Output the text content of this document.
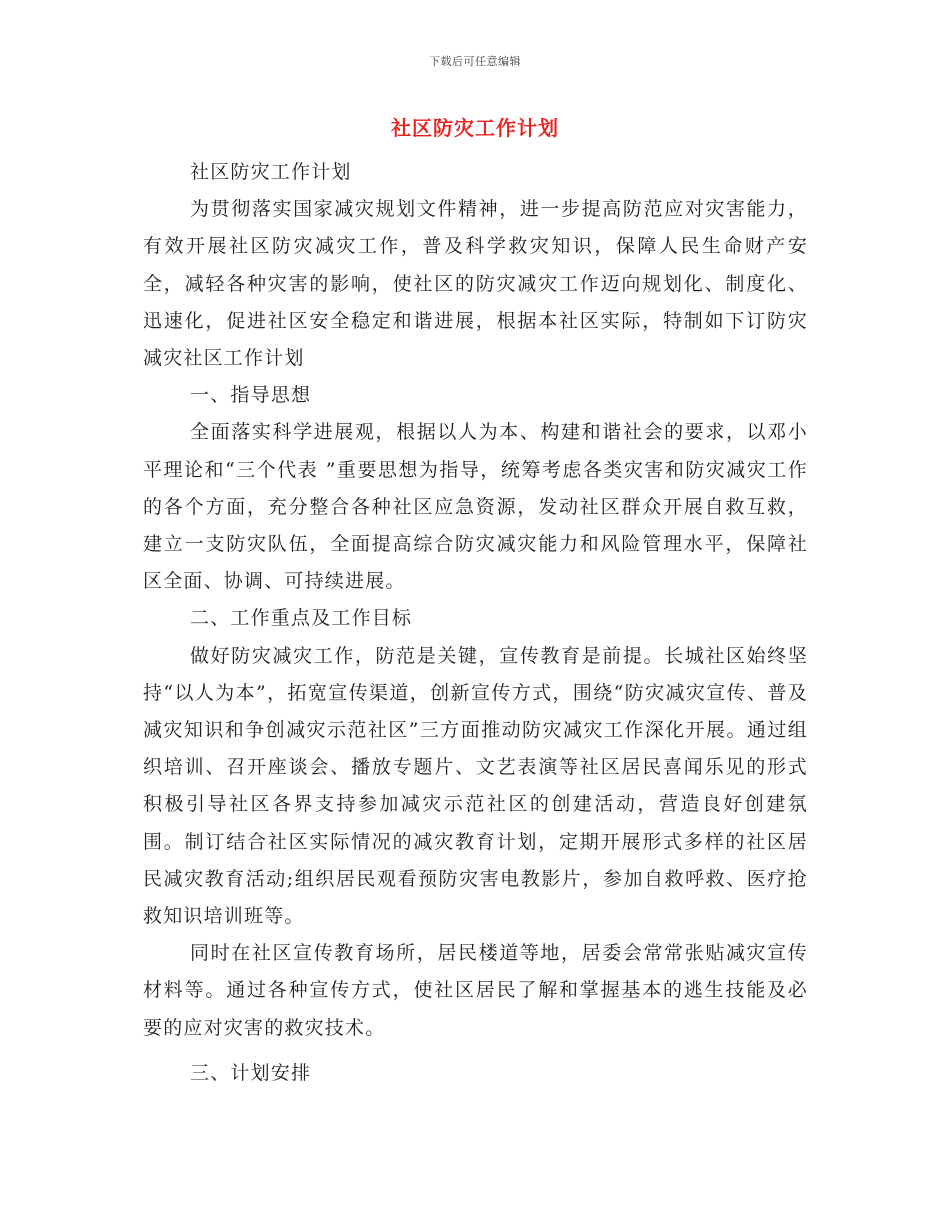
下载后可任意编辑
社区防灾工作计划

社区防灾工作计划

为贯彻落实国家减灾规划文件精神，进一步提高防范应对灾害能力，有效开展社区防灾减灾工作，普及科学救灾知识，保障人民生命财产安全，减轻各种灾害的影响，使社区的防灾减灾工作迈向规划化、制度化、迅速化，促进社区安全稳定和谐进展，根据本社区实际，特制如下订防灾减灾社区工作计划

一、指导思想

全面落实科学进展观，根据以人为本、构建和谐社会的要求，以邓小平理论和“三个代表 ”重要思想为指导，统筹考虑各类灾害和防灾减灾工作的各个方面，充分整合各种社区应急资源，发动社区群众开展自救互救，建立一支防灾队伍，全面提高综合防灾减灾能力和风险管理水平，保障社区全面、协调、可持续进展。

二、工作重点及工作目标

做好防灾减灾工作，防范是关键，宣传教育是前提。长城社区始终坚持“以人为本”，拓宽宣传渠道，创新宣传方式，围绕“防灾减灾宣传、普及减灾知识和争创减灾示范社区”三方面推动防灾减灾工作深化开展。通过组织培训、召开座谈会、播放专题片、文艺表演等社区居民喜闻乐见的形式积极引导社区各界支持参加减灾示范社区的创建活动，营造良好创建氛围。制订结合社区实际情况的减灾教育计划，定期开展形式多样的社区居民减灾教育活动;组织居民观看预防灾害电教影片，参加自救呼救、医疗抢救知识培训班等。

同时在社区宣传教育场所，居民楼道等地，居委会常常张贴减灾宣传材料等。通过各种宣传方式，使社区居民了解和掌握基本的逃生技能及必要的应对灾害的救灾技术。

三、计划安排
